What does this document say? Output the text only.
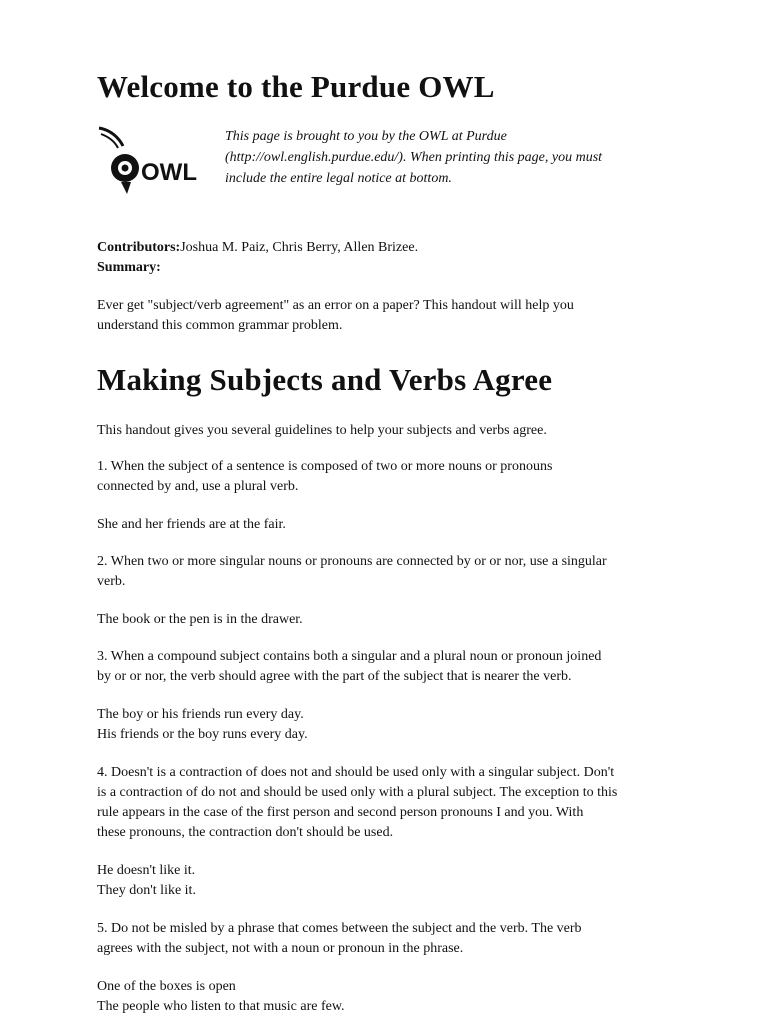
Welcome to the Purdue OWL
OWL

This page is brought to you by the OWL at Purdue

(http://owl.english.purdue.edu/). When printing this page, you must

include the entire legal notice at bottom.

Contributors:Joshua M. Paiz, Chris Berry, Allen Brizee.

Summary:

Ever get "subject/verb agreement" as an error on a paper? This handout will help you

understand this common grammar problem.

Making Subjects and Verbs Agree

This handout gives you several guidelines to help your subjects and verbs agree.

1. When the subject of a sentence is composed of two or more nouns or pronouns

connected by and, use a plural verb.

She and her friends are at the fair.

2. When two or more singular nouns or pronouns are connected by or or nor, use a singular

verb.

The book or the pen is in the drawer.

3. When a compound subject contains both a singular and a plural noun or pronoun joined

by or or nor, the verb should agree with the part of the subject that is nearer the verb.

The boy or his friends run every day.

His friends or the boy runs every day.

4. Doesn't is a contraction of does not and should be used only with a singular subject. Don't

is a contraction of do not and should be used only with a plural subject. The exception to this

rule appears in the case of the first person and second person pronouns I and you. With

these pronouns, the contraction don't should be used.

He doesn't like it.

They don't like it.

5. Do not be misled by a phrase that comes between the subject and the verb. The verb

agrees with the subject, not with a noun or pronoun in the phrase.

One of the boxes is open

The people who listen to that music are few.
